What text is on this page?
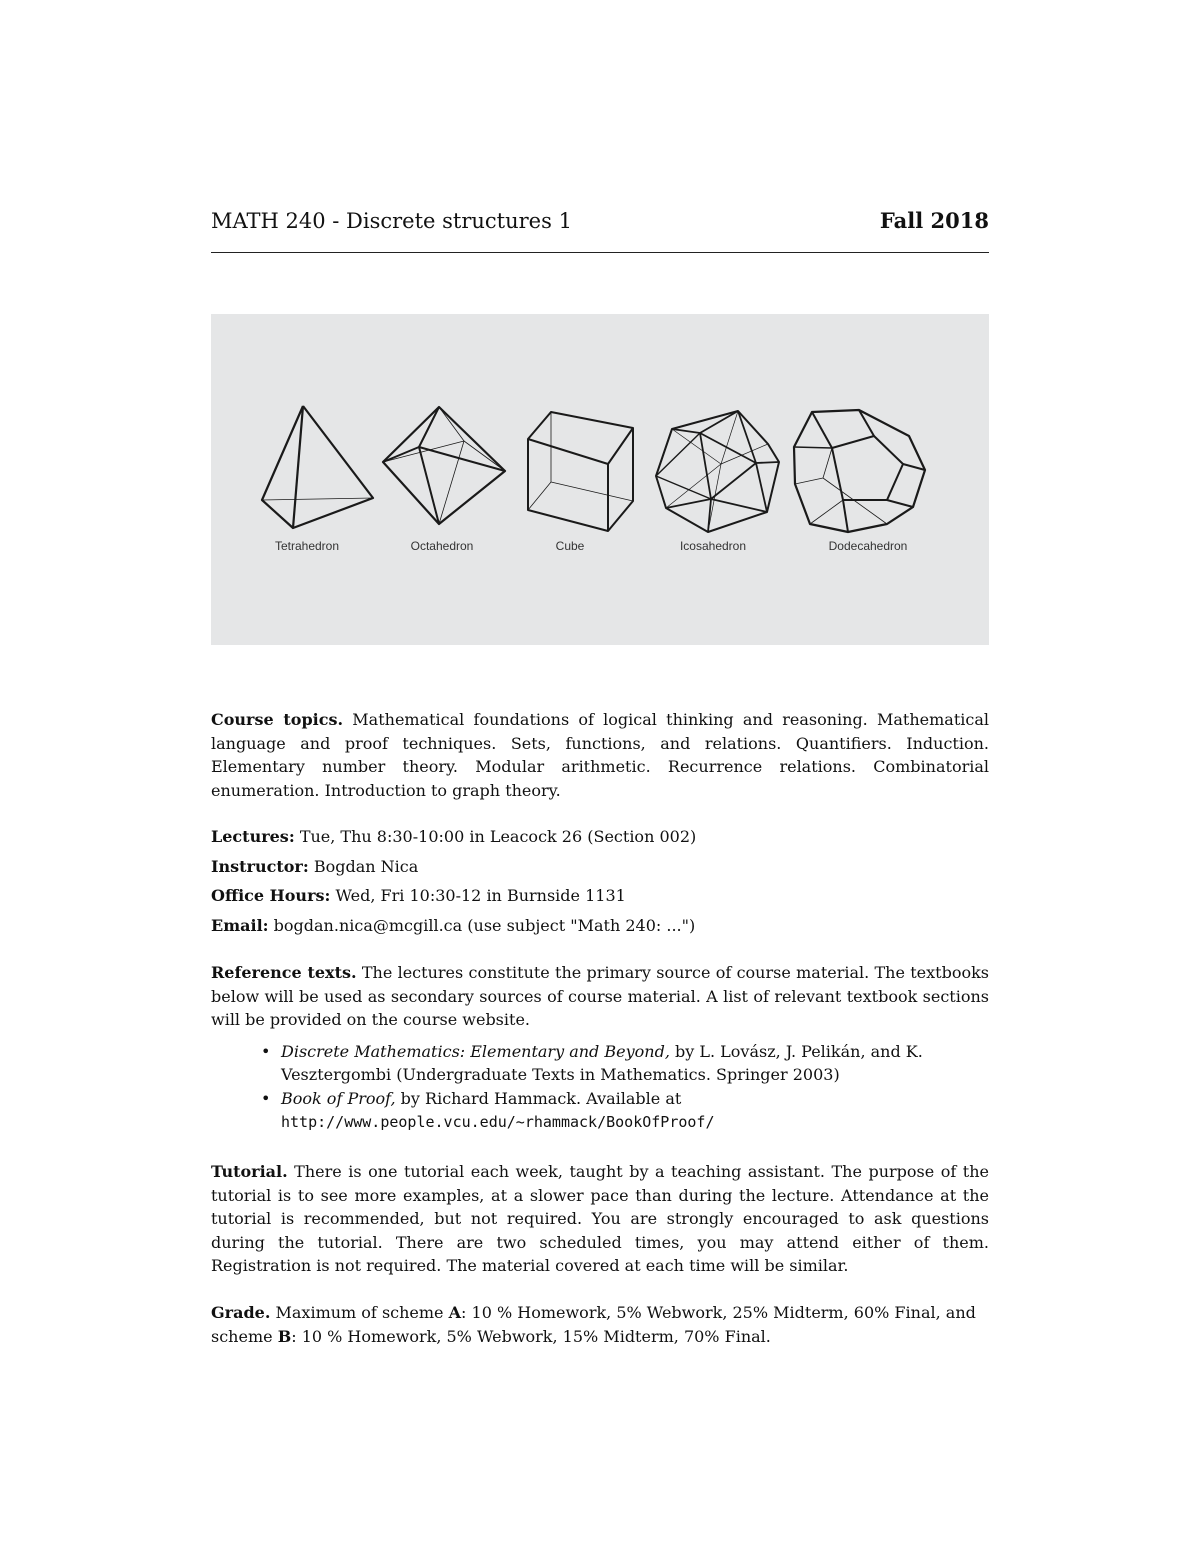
MATH 240 - Discrete structures 1	Fall 2018
Tetrahedron	Octahedron	Cube	Icosahedron	Dodecahedron
Course topics. Mathematical foundations of logical thinking and reasoning. Mathematical language and proof techniques. Sets, functions, and relations. Quantifiers. Induction. Elementary number theory. Modular arithmetic. Recurrence relations. Combinatorial enumeration. Introduction to graph theory.
Lectures: Tue, Thu 8:30-10:00 in Leacock 26 (Section 002)
Instructor: Bogdan Nica
Office Hours: Wed, Fri 10:30-12 in Burnside 1131
Email: bogdan.nica@mcgill.ca (use subject "Math 240: ...")
Reference texts. The lectures constitute the primary source of course material. The textbooks below will be used as secondary sources of course material. A list of relevant textbook sections will be provided on the course website.
• Discrete Mathematics: Elementary and Beyond, by L. Lovász, J. Pelikán, and K. Vesztergombi (Undergraduate Texts in Mathematics. Springer 2003)
• Book of Proof, by Richard Hammack. Available at http://www.people.vcu.edu/~rhammack/BookOfProof/
Tutorial. There is one tutorial each week, taught by a teaching assistant. The purpose of the tutorial is to see more examples, at a slower pace than during the lecture. Attendance at the tutorial is recommended, but not required. You are strongly encouraged to ask questions during the tutorial. There are two scheduled times, you may attend either of them. Registration is not required. The material covered at each time will be similar.
Grade. Maximum of scheme A: 10 % Homework, 5% Webwork, 25% Midterm, 60% Final, and scheme B: 10 % Homework, 5% Webwork, 15% Midterm, 70% Final.
